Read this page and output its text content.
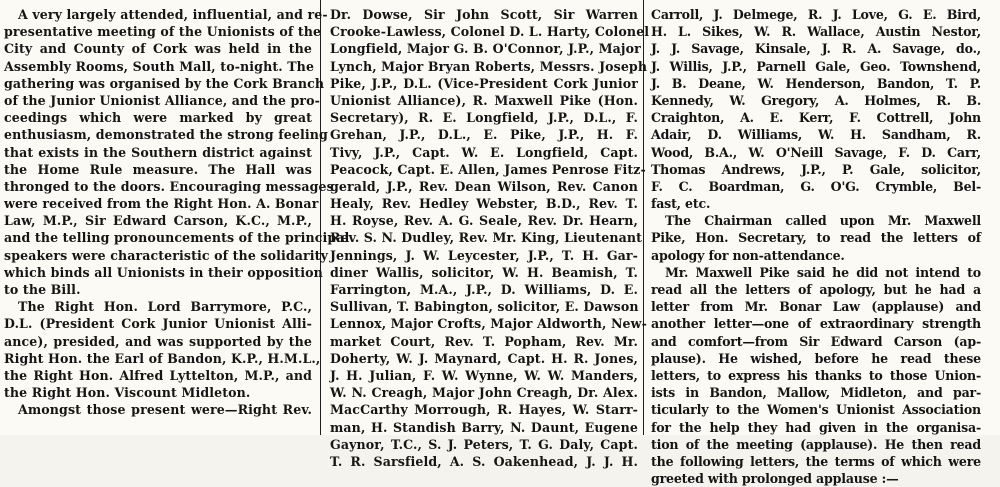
A very largely attended, influential, and re-
presentative meeting of the Unionists of the
City and County of Cork was held in the
Assembly Rooms, South Mall, to-night. The
gathering was organised by the Cork Branch
of the Junior Unionist Alliance, and the pro-
ceedings which were marked by great
enthusiasm, demonstrated the strong feeling
that exists in the Southern district against
the Home Rule measure. The Hall was
thronged to the doors. Encouraging messages
were received from the Right Hon. A. Bonar
Law, M.P., Sir Edward Carson, K.C., M.P.,
and the telling pronouncements of the principal
speakers were characteristic of the solidarity
which binds all Unionists in their opposition
to the Bill.
The Right Hon. Lord Barrymore, P.C.,
D.L. (President Cork Junior Unionist Alli-
ance), presided, and was supported by the
Right Hon. the Earl of Bandon, K.P., H.M.L.,
the Right Hon. Alfred Lyttelton, M.P., and
the Right Hon. Viscount Midleton.
Amongst those present were—Right Rev.
Dr. Dowse, Sir John Scott, Sir Warren
Crooke-Lawless, Colonel D. L. Harty, Colonel
Longfield, Major G. B. O'Connor, J.P., Major
Lynch, Major Bryan Roberts, Messrs. Joseph
Pike, J.P., D.L. (Vice-President Cork Junior
Unionist Alliance), R. Maxwell Pike (Hon.
Secretary), R. E. Longfield, J.P., D.L., F.
Grehan, J.P., D.L., E. Pike, J.P., H. F.
Tivy, J.P., Capt. W. E. Longfield, Capt.
Peacock, Capt. E. Allen, James Penrose Fitz-
gerald, J.P., Rev. Dean Wilson, Rev. Canon
Healy, Rev. Hedley Webster, B.D., Rev. T.
H. Royse, Rev. A. G. Seale, Rev. Dr. Hearn,
Rev. S. N. Dudley, Rev. Mr. King, Lieutenant
Jennings, J. W. Leycester, J.P., T. H. Gar-
diner Wallis, solicitor, W. H. Beamish, T.
Farrington, M.A., J.P., D. Williams, D. E.
Sullivan, T. Babington, solicitor, E. Dawson
Lennox, Major Crofts, Major Aldworth, New-
market Court, Rev. T. Popham, Rev. Mr.
Doherty, W. J. Maynard, Capt. H. R. Jones,
J. H. Julian, F. W. Wynne, W. W. Manders,
W. N. Creagh, Major John Creagh, Dr. Alex.
MacCarthy Morrough, R. Hayes, W. Starr-
man, H. Standish Barry, N. Daunt, Eugene
Gaynor, T.C., S. J. Peters, T. G. Daly, Capt.
T. R. Sarsfield, A. S. Oakenhead, J. J. H.
Carroll, J. Delmege, R. J. Love, G. E. Bird,
H. L. Sikes, W. R. Wallace, Austin Nestor,
J. J. Savage, Kinsale, J. R. A. Savage, do.,
J. Willis, J.P., Parnell Gale, Geo. Townshend,
J. B. Deane, W. Henderson, Bandon, T. P.
Kennedy, W. Gregory, A. Holmes, R. B.
Craighton, A. E. Kerr, F. Cottrell, John
Adair, D. Williams, W. H. Sandham, R.
Wood, B.A., W. O'Neill Savage, F. D. Carr,
Thomas Andrews, J.P., P. Gale, solicitor,
F. C. Boardman, G. O'G. Crymble, Bel-
fast, etc.
The Chairman called upon Mr. Maxwell
Pike, Hon. Secretary, to read the letters of
apology for non-attendance.
Mr. Maxwell Pike said he did not intend to
read all the letters of apology, but he had a
letter from Mr. Bonar Law (applause) and
another letter—one of extraordinary strength
and comfort—from Sir Edward Carson (ap-
plause). He wished, before he read these
letters, to express his thanks to those Union-
ists in Bandon, Mallow, Midleton, and par-
ticularly to the Women's Unionist Association
for the help they had given in the organisa-
tion of the meeting (applause). He then read
the following letters, the terms of which were
greeted with prolonged applause :—
